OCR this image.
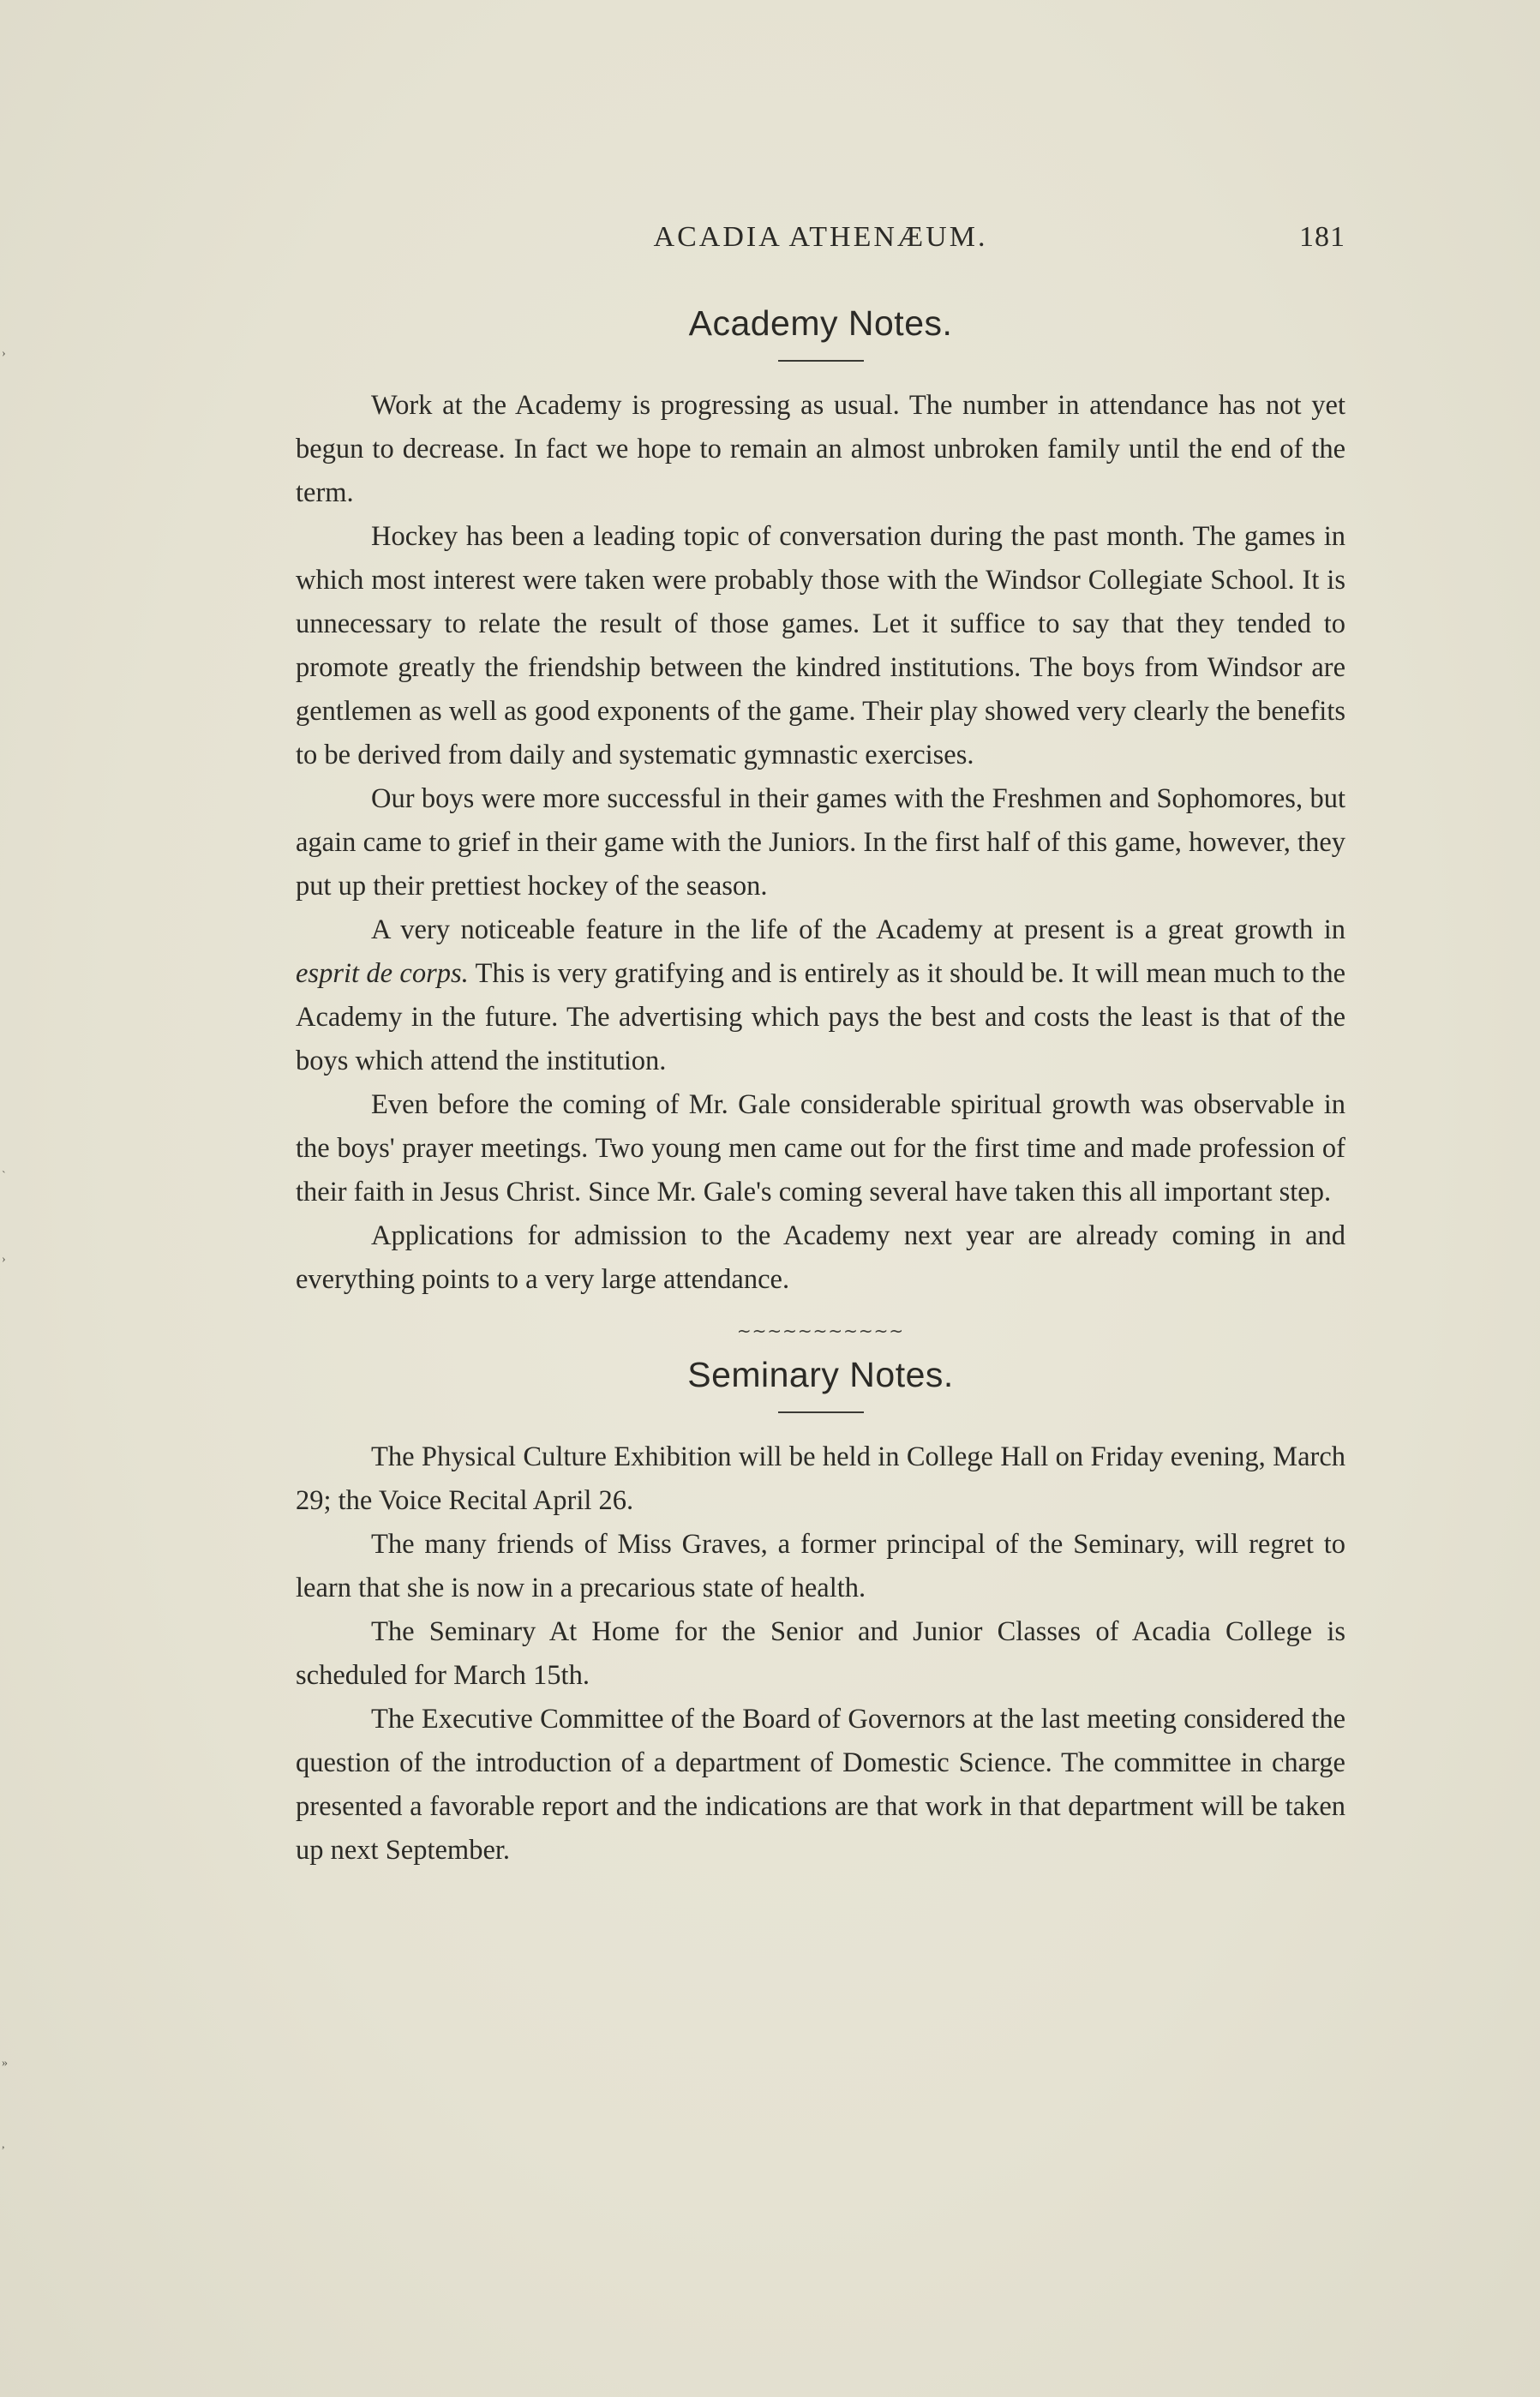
›
ˋ
›
»
,
ACADIA ATHENÆUM.	181
Academy Notes.

Work at the Academy is progressing as usual. The number in attendance has not yet begun to decrease. In fact we hope to remain an almost unbroken family until the end of the term.

Hockey has been a leading topic of conversation during the past month. The games in which most interest were taken were probably those with the Windsor Collegiate School. It is unnecessary to relate the result of those games. Let it suffice to say that they tended to promote greatly the friendship between the kindred institutions. The boys from Windsor are gentlemen as well as good exponents of the game. Their play showed very clearly the benefits to be derived from daily and systematic gymnastic exercises.

Our boys were more successful in their games with the Freshmen and Sophomores, but again came to grief in their game with the Juniors. In the first half of this game, however, they put up their prettiest hockey of the season.

A very noticeable feature in the life of the Academy at present is a great growth in esprit de corps. This is very gratifying and is entirely as it should be. It will mean much to the Academy in the future. The advertising which pays the best and costs the least is that of the boys which attend the institution.

Even before the coming of Mr. Gale considerable spiritual growth was observable in the boys' prayer meetings. Two young men came out for the first time and made profession of their faith in Jesus Christ. Since Mr. Gale's coming several have taken this all important step.

Applications for admission to the Academy next year are already coming in and everything points to a very large attendance.

~~~~~~~~~~~
Seminary Notes.

The Physical Culture Exhibition will be held in College Hall on Friday evening, March 29; the Voice Recital April 26.

The many friends of Miss Graves, a former principal of the Seminary, will regret to learn that she is now in a precarious state of health.

The Seminary At Home for the Senior and Junior Classes of Acadia College is scheduled for March 15th.

The Executive Committee of the Board of Governors at the last meeting considered the question of the introduction of a department of Domestic Science. The committee in charge presented a favorable report and the indications are that work in that department will be taken up next September.
